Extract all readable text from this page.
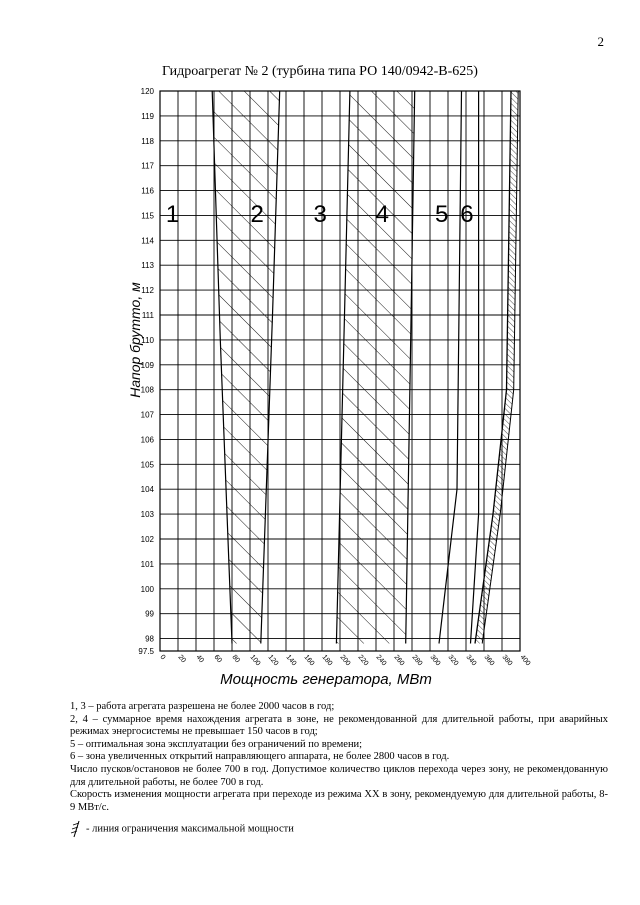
2
Гидроагрегат № 2 (турбина типа РО 140/0942-В-625)
1	2 3 4 5 6
97.5
98
99
100
101
102
103
104
105
106
107
108
109
110
111
112
113
114
115
116
117
118
119
120
0 20 40 60 80 100 120 140 160 180 200 220 240 260 280 300 320 340 360 380 400
Мощность генератора, МВт
Напор брутто, м

1, 3 – работа агрегата разрешена не более 2000 часов в год;

2, 4 – суммарное время нахождения агрегата в зоне, не рекомендованной для длительной работы, при аварийных режимах энергосистемы не превышает 150 часов в год;

5 – оптимальная зона эксплуатации без ограничений по времени;

6 – зона увеличенных открытий направляющего аппарата, не более 2800 часов в год.

Число пусков/остановов не более 700 в год. Допустимое количество циклов перехода через зону, не рекомендованную для длительной работы, не более 700 в год.

Скорость изменения мощности агрегата при переходе из режима ХХ в зону, рекомендуемую для длительной работы, 8-9 МВт/с.

- линия ограничения максимальной мощности
